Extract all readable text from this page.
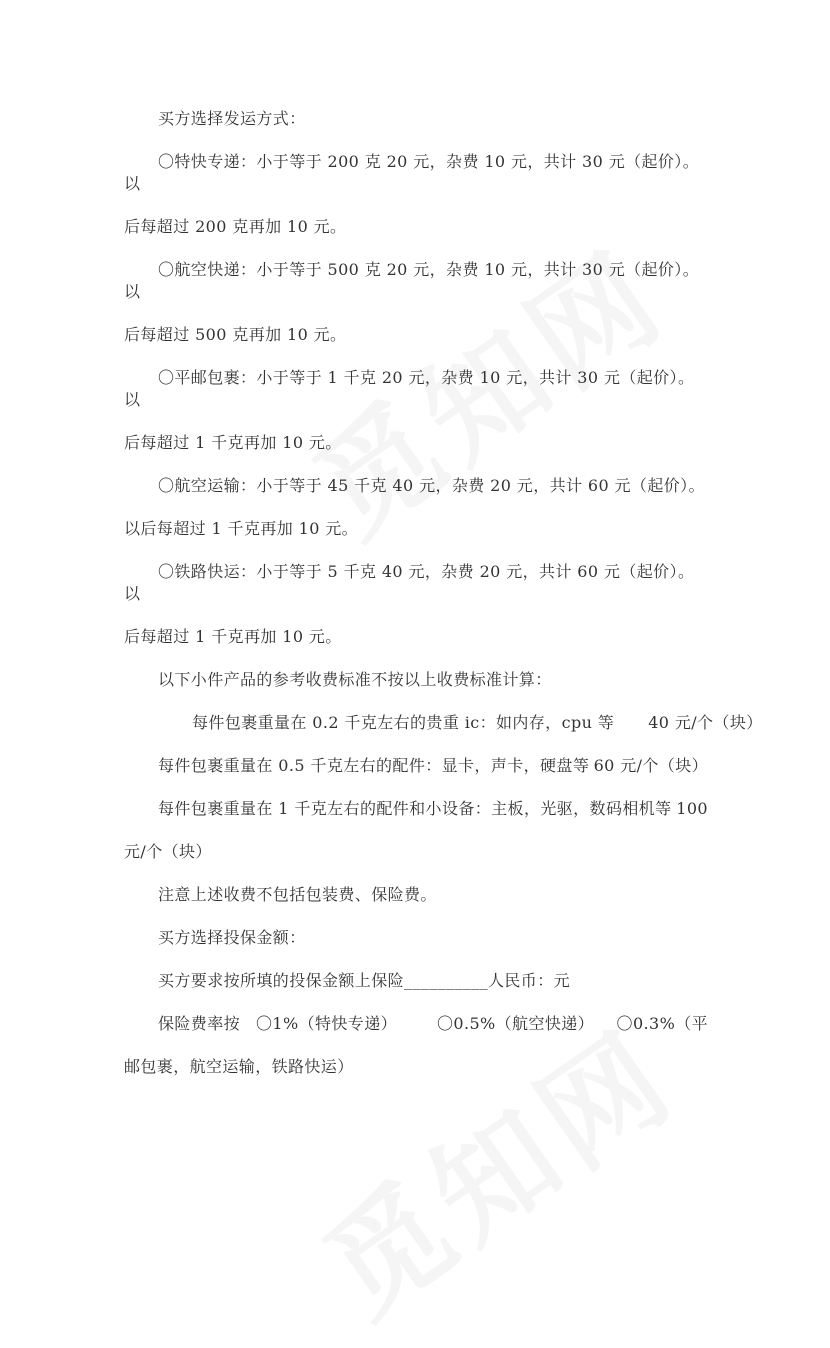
买方选择发运方式：

〇特快专递：小于等于 200 克 20 元，杂费 10 元，共计 30 元（起价）。以

后每超过 200 克再加 10 元。

〇航空快递：小于等于 500 克 20 元，杂费 10 元，共计 30 元（起价）。以

后每超过 500 克再加 10 元。

〇平邮包裹：小于等于 1 千克 20 元，杂费 10 元，共计 30 元（起价）。以

后每超过 1 千克再加 10 元。

〇航空运输：小于等于 45 千克 40 元，杂费 20 元，共计 60 元（起价）。

以后每超过 1 千克再加 10 元。

〇铁路快运：小于等于 5 千克 40 元，杂费 20 元，共计 60 元（起价）。以

后每超过 1 千克再加 10 元。

以下小件产品的参考收费标准不按以上收费标准计算：

每件包裹重量在 0.2 千克左右的贵重 ic：如内存，cpu 等	40 元/个（块）
每件包裹重量在 0.5 千克左右的配件：显卡，声卡，硬盘等 60 元/个（块）
每件包裹重量在 1 千克左右的配件和小设备：主板，光驱，数码相机等 100

元/个（块）

注意上述收费不包括包装费、保险费。

买方选择投保金额：

买方要求按所填的投保金额上保险__________人民币：元

保险费率按 〇1%（特快专递）	〇0.5%（航空快递） 〇0.3%（平

邮包裹，航空运输，铁路快运）
